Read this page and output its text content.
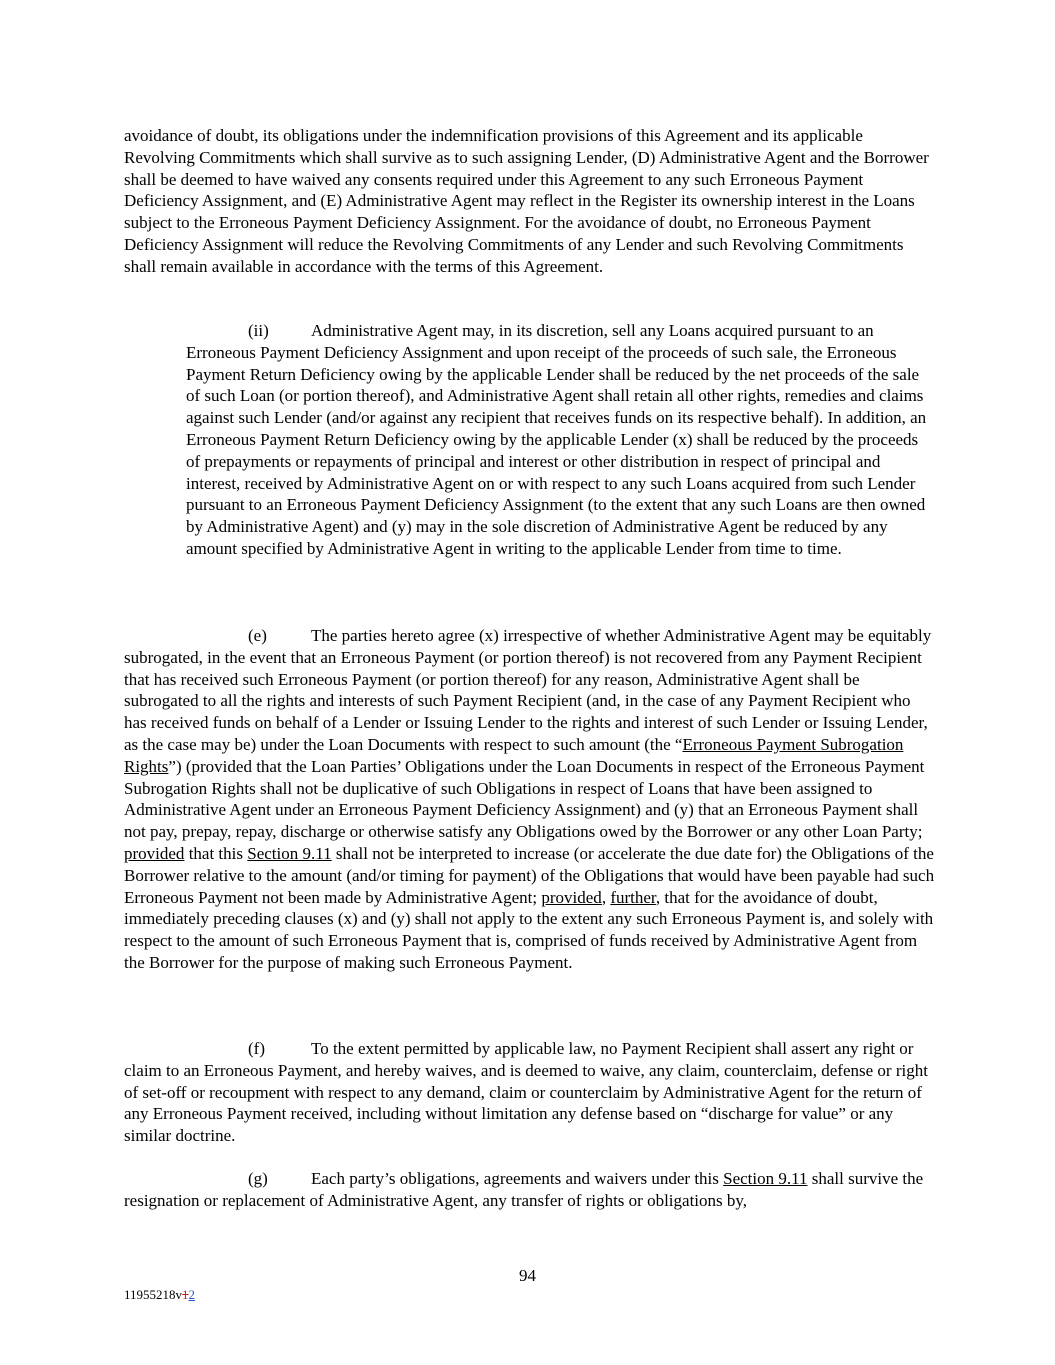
avoidance of doubt, its obligations under the indemnification provisions of this Agreement and its applicable Revolving Commitments which shall survive as to such assigning Lender, (D) Administrative Agent and the Borrower shall be deemed to have waived any consents required under this Agreement to any such Erroneous Payment Deficiency Assignment, and (E) Administrative Agent may reflect in the Register its ownership interest in the Loans subject to the Erroneous Payment Deficiency Assignment. For the avoidance of doubt, no Erroneous Payment Deficiency Assignment will reduce the Revolving Commitments of any Lender and such Revolving Commitments shall remain available in accordance with the terms of this Agreement.

(ii) Administrative Agent may, in its discretion, sell any Loans acquired pursuant to an Erroneous Payment Deficiency Assignment and upon receipt of the proceeds of such sale, the Erroneous Payment Return Deficiency owing by the applicable Lender shall be reduced by the net proceeds of the sale of such Loan (or portion thereof), and Administrative Agent shall retain all other rights, remedies and claims against such Lender (and/or against any recipient that receives funds on its respective behalf). In addition, an Erroneous Payment Return Deficiency owing by the applicable Lender (x) shall be reduced by the proceeds of prepayments or repayments of principal and interest or other distribution in respect of principal and interest, received by Administrative Agent on or with respect to any such Loans acquired from such Lender pursuant to an Erroneous Payment Deficiency Assignment (to the extent that any such Loans are then owned by Administrative Agent) and (y) may in the sole discretion of Administrative Agent be reduced by any amount specified by Administrative Agent in writing to the applicable Lender from time to time.

(e)	The parties hereto agree (x) irrespective of whether Administrative Agent may be equitably subrogated, in the event that an Erroneous Payment (or portion thereof) is not recovered from any Payment Recipient that has received such Erroneous Payment (or portion thereof) for any reason, Administrative Agent shall be subrogated to all the rights and interests of such Payment Recipient (and, in the case of any Payment Recipient who has received funds on behalf of a Lender or Issuing Lender to the rights and interest of such Lender or Issuing Lender, as the case may be) under the Loan Documents with respect to such amount (the “Erroneous Payment Subrogation Rights”) (provided that the Loan Parties’ Obligations under the Loan Documents in respect of the Erroneous Payment Subrogation Rights shall not be duplicative of such Obligations in respect of Loans that have been assigned to Administrative Agent under an Erroneous Payment Deficiency Assignment) and (y) that an Erroneous Payment shall not pay, prepay, repay, discharge or otherwise satisfy any Obligations owed by the Borrower or any other Loan Party; provided that this Section 9.11 shall not be interpreted to increase (or accelerate the due date for) the Obligations of the Borrower relative to the amount (and/or timing for payment) of the Obligations that would have been payable had such Erroneous Payment not been made by Administrative Agent; provided, further, that for the avoidance of doubt, immediately preceding clauses (x) and (y) shall not apply to the extent any such Erroneous Payment is, and solely with respect to the amount of such Erroneous Payment that is, comprised of funds received by Administrative Agent from the Borrower for the purpose of making such Erroneous Payment.

(f)	To the extent permitted by applicable law, no Payment Recipient shall assert any right or claim to an Erroneous Payment, and hereby waives, and is deemed to waive, any claim, counterclaim, defense or right of set-off or recoupment with respect to any demand, claim or counterclaim by Administrative Agent for the return of any Erroneous Payment received, including without limitation any defense based on “discharge for value” or any similar doctrine.

(g)	Each party’s obligations, agreements and waivers under this Section 9.11 shall survive the resignation or replacement of Administrative Agent, any transfer of rights or obligations by,

94
11955218v12
